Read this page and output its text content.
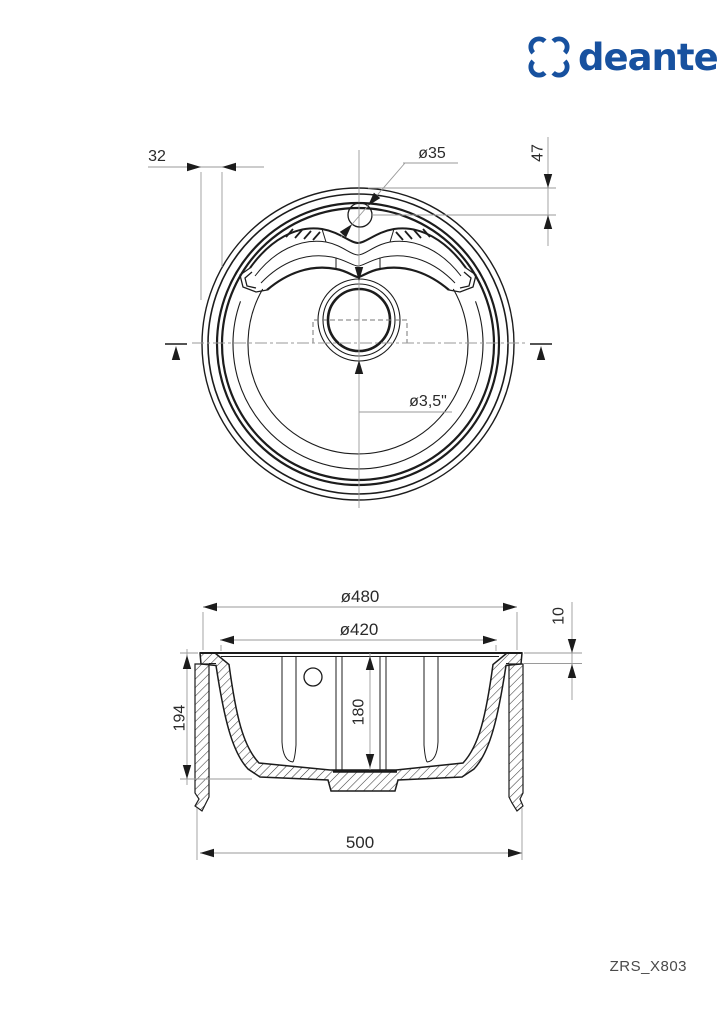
deante
32	ø35	47
ø3,5"
ø480
ø420
10
194	180
500
ZRS_X803
